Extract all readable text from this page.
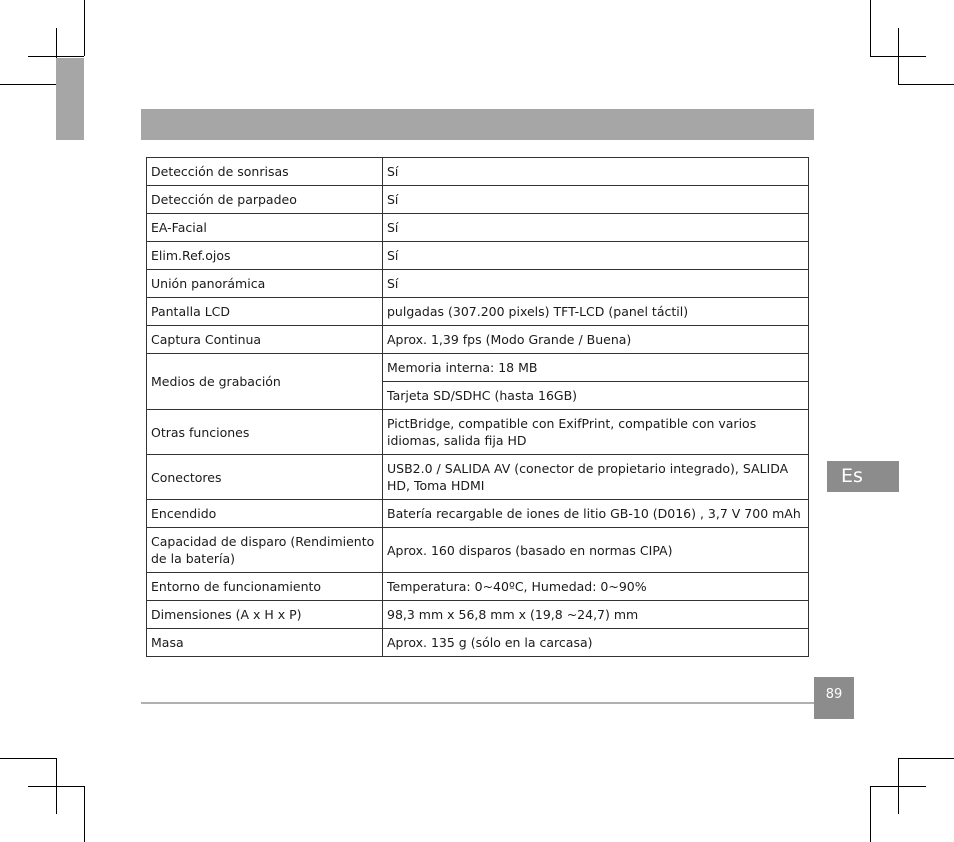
Detección de sonrisas	Sí
Detección de parpadeo	Sí
EA-Facial	Sí
Elim.Ref.ojos	Sí
Unión panorámica	Sí
Pantalla LCD	pulgadas (307.200 pixels) TFT-LCD (panel táctil)
Captura Continua	Aprox. 1,39 fps (Modo Grande / Buena)
Medios de grabación	Memoria interna: 18 MB
	Tarjeta SD/SDHC (hasta 16GB)
Otras funciones	PictBridge, compatible con ExifPrint, compatible con varios idiomas, salida fija HD
Conectores	USB2.0 / SALIDA AV (conector de propietario integrado), SALIDA HD, Toma HDMI
Encendido	Batería recargable de iones de litio GB-10 (D016) , 3,7 V 700 mAh
Capacidad de disparo (Rendimiento de la batería)	Aprox. 160 disparos (basado en normas CIPA)
Entorno de funcionamiento	Temperatura: 0~40ºC, Humedad: 0~90%
Dimensiones (A x H x P)	98,3 mm x 56,8 mm x (19,8 ~24,7) mm
Masa	Aprox. 135 g (sólo en la carcasa)
Es
89
